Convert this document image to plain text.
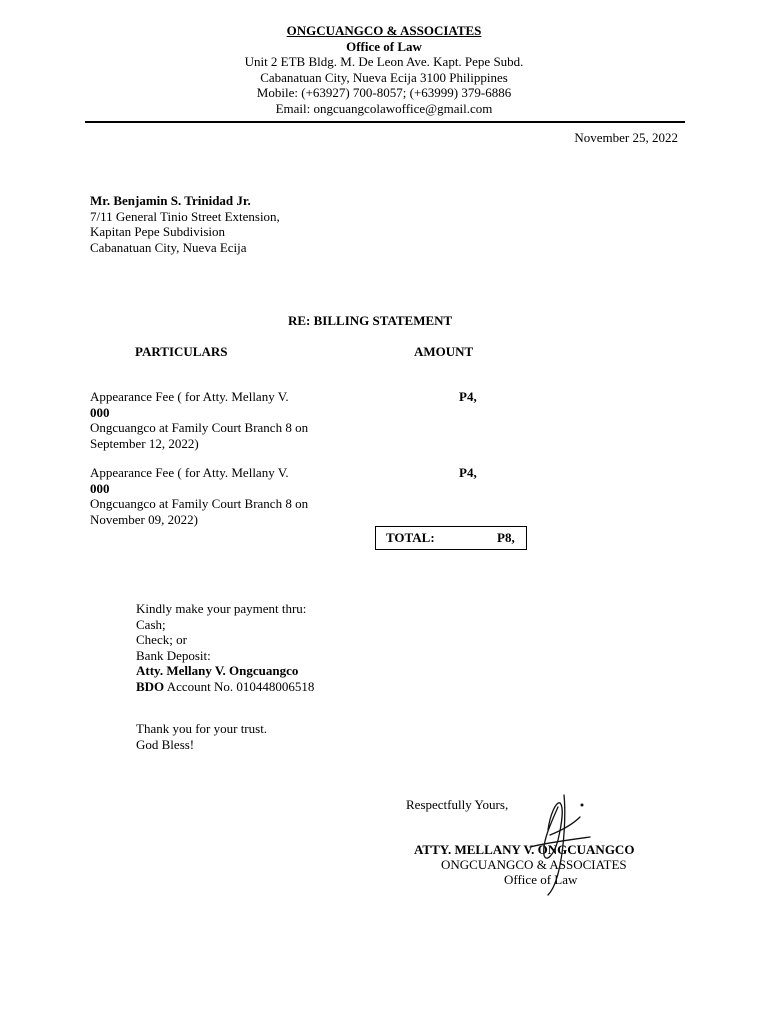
ONGCUANGCO & ASSOCIATES
Office of Law
Unit 2 ETB Bldg. M. De Leon Ave. Kapt. Pepe Subd.
Cabanatuan City, Nueva Ecija 3100 Philippines
Mobile: (+63927) 700-8057; (+63999) 379-6886
Email: ongcuangcolawoffice@gmail.com
November 25, 2022
Mr. Benjamin S. Trinidad Jr.
7/11 General Tinio Street Extension,
Kapitan Pepe Subdivision
Cabanatuan City, Nueva Ecija
RE: BILLING STATEMENT
PARTICULARS	AMOUNT
Appearance Fee ( for Atty. Mellany V.
000
Ongcuangco at Family Court Branch 8 on
September 12, 2022)
P4,
Appearance Fee ( for Atty. Mellany V.
000
Ongcuangco at Family Court Branch 8 on
November 09, 2022)
P4,
TOTAL:	P8,
Kindly make your payment thru:
Cash;
Check; or
Bank Deposit:
Atty. Mellany V. Ongcuangco
BDO Account No. 010448006518
Thank you for your trust.
God Bless!
Respectfully Yours,
ATTY. MELLANY V. ONGCUANGCO
ONGCUANGCO & ASSOCIATES
Office of Law
